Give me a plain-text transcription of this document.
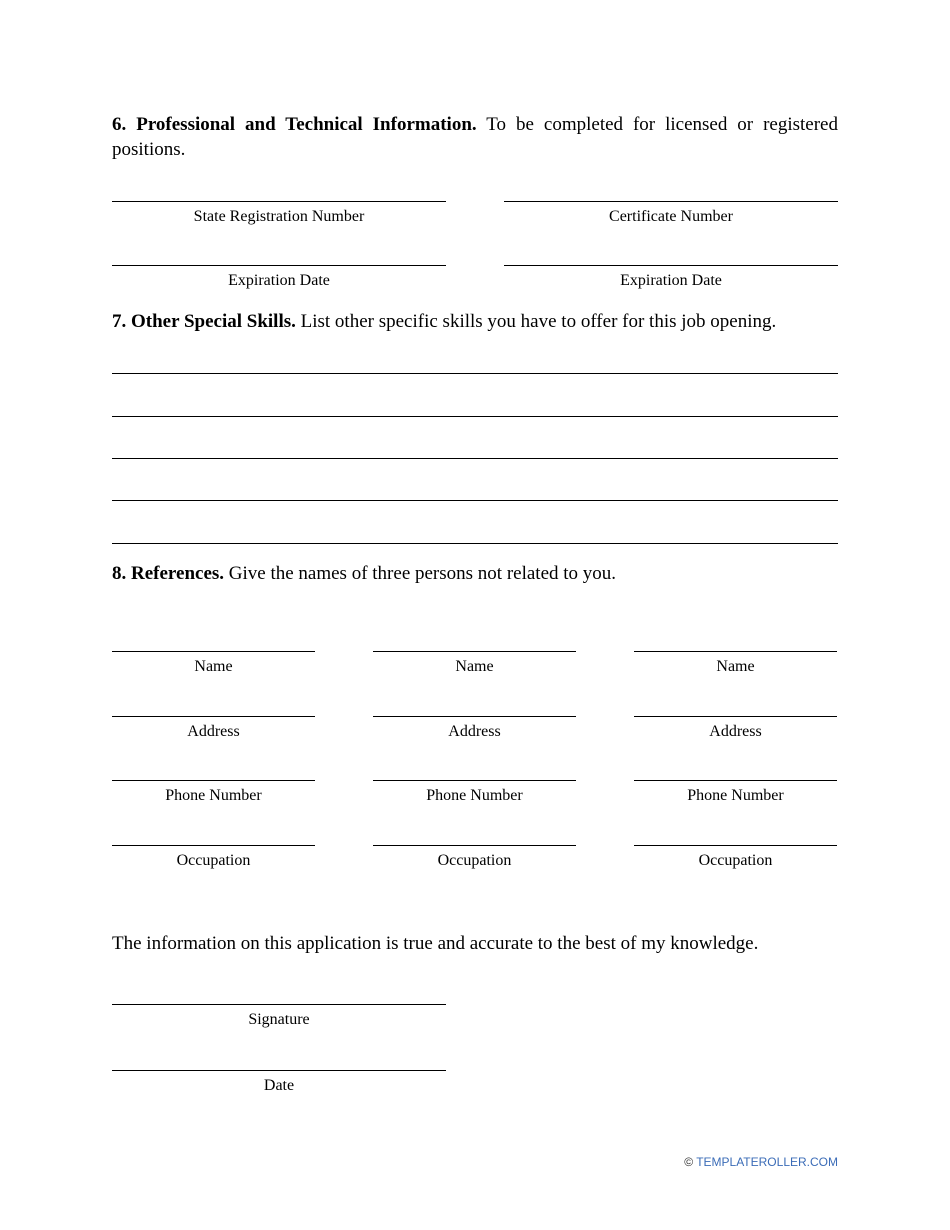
6. Professional and Technical Information. To be completed for licensed or registered positions.

State Registration Number	Certificate Number
Expiration Date	Expiration Date

7. Other Special Skills. List other specific skills you have to offer for this job opening.

8. References. Give the names of three persons not related to you.

Name
Address
Phone Number
Occupation
Name
Address
Phone Number
Occupation
Name
Address
Phone Number
Occupation

The information on this application is true and accurate to the best of my knowledge.

Signature
Date
© TEMPLATEROLLER.COM
